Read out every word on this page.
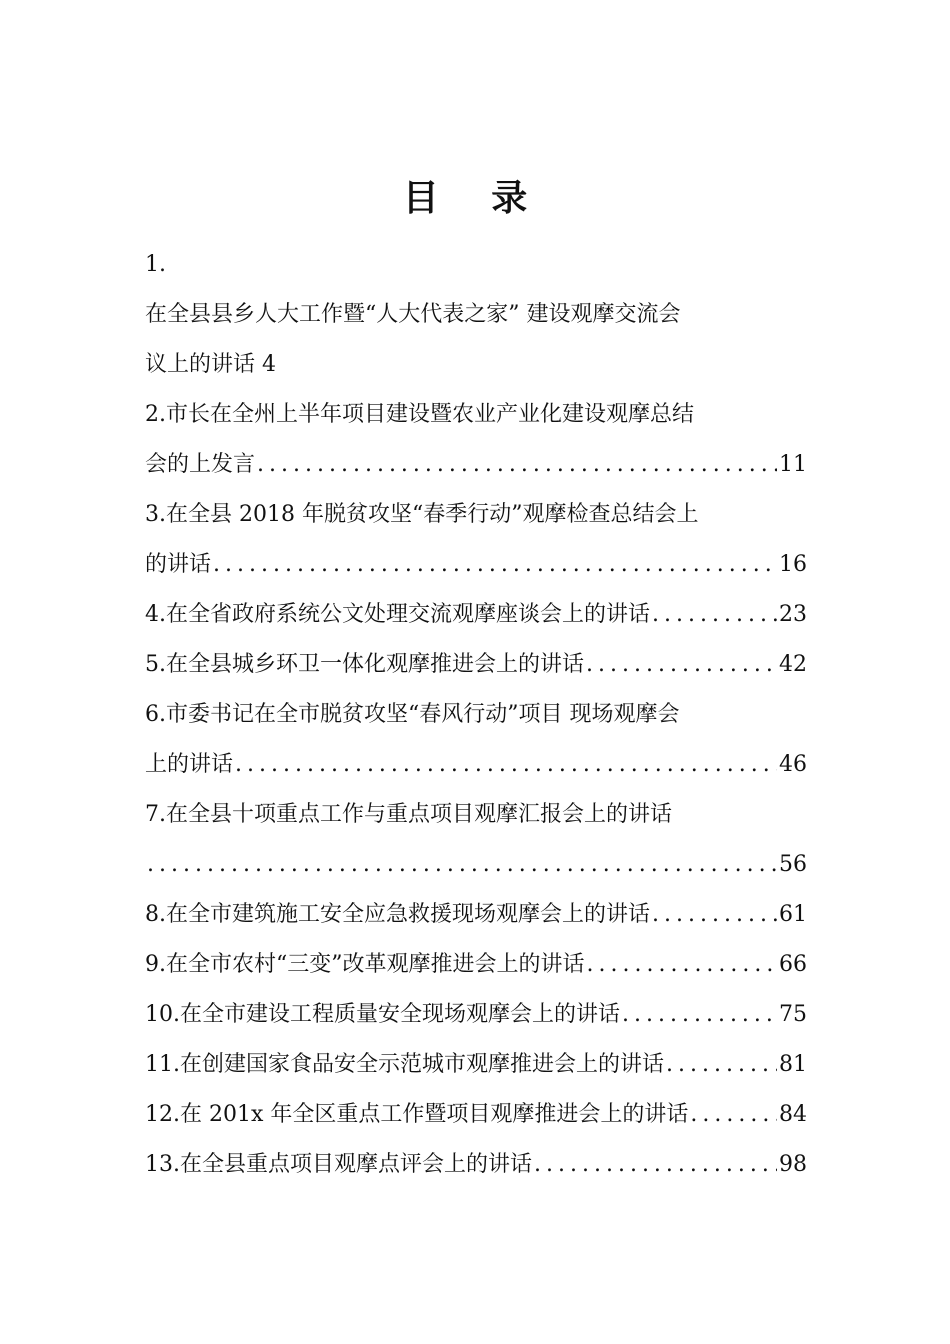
目 录
1.
在全县县乡人大工作暨“人大代表之家” 建设观摩交流会
议上的讲话 4
2.市长在全州上半年项目建设暨农业产业化建设观摩总结
会的上发言 .....	11
3.在全县 2018 年脱贫攻坚“春季行动”观摩检查总结会上
的讲话 .....	16
4.在全省政府系统公文处理交流观摩座谈会上的讲话 .....	23
5.在全县城乡环卫一体化观摩推进会上的讲话 .....	42
6.市委书记在全市脱贫攻坚“春风行动”项目 现场观摩会
上的讲话 .....	46
7.在全县十项重点工作与重点项目观摩汇报会上的讲话
.....
56
8.在全市建筑施工安全应急救援现场观摩会上的讲话 .....	61
9.在全市农村“三变”改革观摩推进会上的讲话 .....	66
10.在全市建设工程质量安全现场观摩会上的讲话 .....	75
11.在创建国家食品安全示范城市观摩推进会上的讲话 .....	81
12.在 201x 年全区重点工作暨项目观摩推进会上的讲话 .....	84
13.在全县重点项目观摩点评会上的讲话 .....	98
